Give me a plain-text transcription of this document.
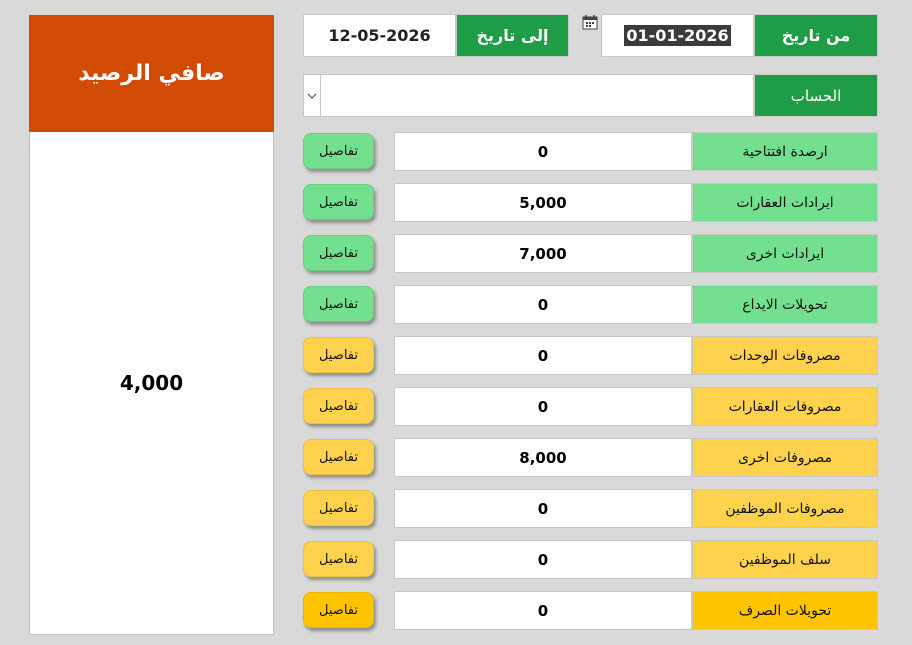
صافي الرصيد
4,000
من تاريخ
01-01-2026
إلى تاريخ
12-05-2026
الحساب
ارصدة افتتاحية
0
تفاصيل
ايرادات العقارات
5,000
تفاصيل
ايرادات اخرى
7,000
تفاصيل
تحويلات الايداع
0
تفاصيل
مصروفات الوحدات
0
تفاصيل
مصروفات العقارات
0
تفاصيل
مصروفات اخرى
8,000
تفاصيل
مصروفات الموظفين
0
تفاصيل
سلف الموظفين
0
تفاصيل
تحويلات الصرف
0
تفاصيل
